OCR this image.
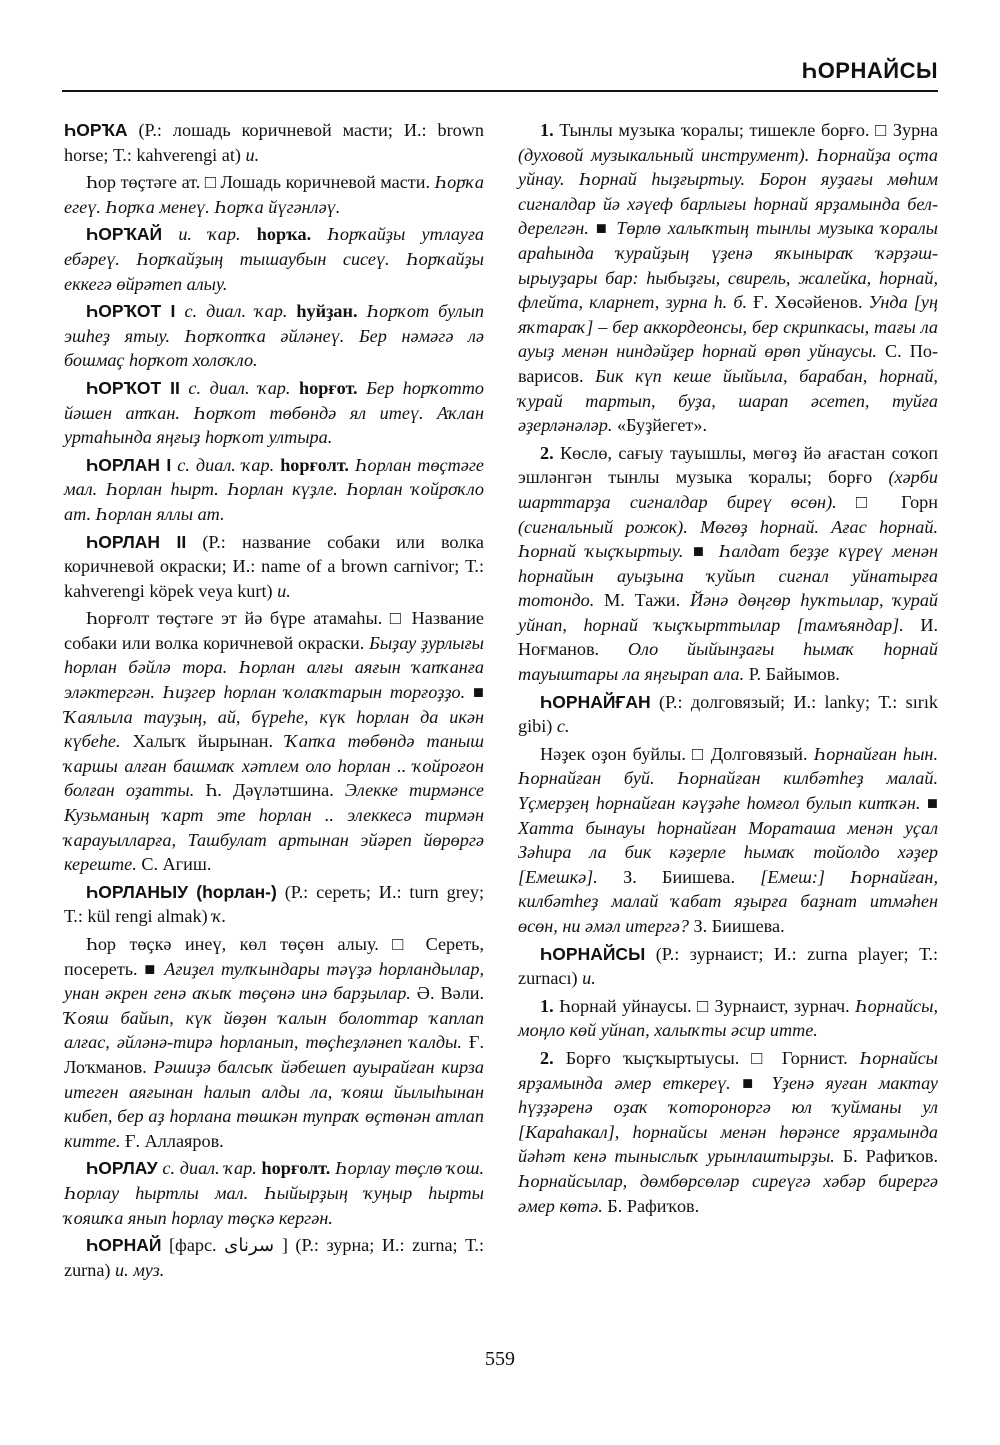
ҺОРНАЙСЫ

ҺОРҠА (Р.: лошадь коричневой масти; И.: brown horse; Т.: kahverengi at) и.

Һор төҫтәге ат. □ Лошадь коричневой масти. Һорҡа егеү. Һорҡа менеү. Һорҡа йүгәнләү.

ҺОРҠАЙ и. ҡар. һорҡа. Һорҡайҙы утлауға ебәреү. Һорҡайҙың тышаубын сисеү. Һорҡайҙы еккегә өйрәтеп алыу.

ҺОРҠОТ I с. диал. ҡар. һуйҙан. Һорҡот булып эшһеҙ ятыу. Һорҡотҡа әйләнеү. Бер нәмәгә лә бошмаҫ һорҡот холоҡло.

ҺОРҠОТ II с. диал. ҡар. һорғот. Бер һорҡотто йәшен атҡан. Һорҡот төбөндә ял итеү. Аҡлан уртаһында яңғыҙ һорҡот ултыра.

ҺОРЛАН I с. диал. ҡар. һорғолт. Һорлан төҫтәге мал. Һорлан һырт. Һорлан күҙле. Һорлан ҡойроҡло ат. Һорлан яллы ат.

ҺОРЛАН II (Р.: название собаки или волка коричневой окраски; И.: name of a brown carnivor; Т.: kahverengi köpek veya kurt) и.

Һорғолт төҫтәге эт йә бүре атамаһы. □ Название собаки или волка коричневой окраски. Быҙау ҙурлығы һорлан бәйлә тора. Һорлан алғы аяғын ҡапҡанға эләктергән. Һиҙгер һорлан ҡолаҡтарын торғоҙҙо. ■ Ҡаялыла тауҙың, ай, бүреһе, күк һорлан да икән күбеһе. Халыҡ йырынан. Ҡапҡа төбөндә таныш ҡаршы алған башмаҡ хәтлем оло һорлан .. ҡойроғон болған оҙатты. Һ. Дәүләтшина. Элекке тирмәнсе Кузьманың ҡарт эте һорлан .. элеккесә тирмән ҡарауылларға, Ташбулат артынан эйәреп йөрөргә кереште. С. Агиш.

ҺОРЛАНЫУ (һорлан-) (Р.: сереть; И.: turn grey; Т.: kül rengi almak) ҡ.

Һор төҫкә инеү, көл төҫөн алыу. □ Сереть, посереть. ■ Ағиҙел тулҡындары тәүҙә һорландылар, унан әкрен генә аҡыҡ төҫөнә инә барҙылар. Ә. Вәли. Ҡояш байып, күк йөҙөн ҡалын болоттар ҡаплап алғас, әйләнә-тирә һорланып, төҫһеҙләнеп ҡалды. Ғ. Лоҡманов. Рәшиҙә балсыҡ йәбешеп ауырайған кирза итеген аяғынан һалып алды ла, ҡояш йылыһынан кибеп, бер аҙ һорлана төшкән тупраҡ өҫтөнән атлап китте. Ғ. Аллаяров.

ҺОРЛАУ с. диал. ҡар. һорғолт. Һорлау төҫлө ҡош. Һорлау һыртлы мал. Һыйырҙың ҡуңыр һырты ҡояшҡа янып һорлау төҫкә кергән.

ҺОРНАЙ [фарс. سرناى ] (Р.: зурна; И.: zurna; Т.: zurna) и. муз.

1. Тынлы музыка ҡоралы; тишекле борғо. □ Зурна (духовой музыкальный инструмент). Һорнайҙа оҫта уйнау. Һорнай һыҙғыртыу. Борон яуҙағы мөһим сигналдар йә хәүеф барлығы һорнай ярҙамында белдерелгән. ■ Төрлө халыҡтың тынлы музыка ҡоралы араһында ҡурайҙың үҙенә яҡыныраҡ ҡәрҙәш-ырыуҙары бар: һыбыҙғы, свирель, жалейка, һорнай, флейта, кларнет, зурна һ. б. Ғ. Хөсәйенов. Унда [уң яҡтараҡ] – бер аккордеонсы, бер скрипкасы, тағы ла ауыҙ менән ниндәйҙер һорнай өрөп уйнаусы. С. Поварисов. Бик күп кеше йыйыла, барабан, һорнай, ҡурай тартып, буҙа, шарап әсетеп, туйға әҙерләнәләр. «Буҙйегет».

2. Көслө, сағыу тауышлы, мөгөҙ йә ағастан соҡоп эшләнгән тынлы музыка ҡоралы; борғо (хәрби шарттарҙа сигналдар биреү өсөн). □ Горн (сигнальный рожок). Мөгөҙ һорнай. Ағас һорнай. Һорнай ҡыҫҡыртыу. ■ Һалдат беҙҙе күреү менән һорнайын ауыҙына ҡуйып сигнал уйнатырға тотондо. М. Тажи. Йәнә дөңгөр һуҡтылар, ҡурай уйнап, һорнай ҡыҫҡырттылар [тамъяндар]. И. Ноғманов. Оло йыйынҙағы һымаҡ һорнай тауыштары ла яңғырап ала. Р. Байымов.

ҺОРНАЙҒАН (Р.: долговязый; И.: lanky; Т.: sırık gibi) с.

Нәҙек оҙон буйлы. □ Долговязый. Һорнайған һын. Һорнайған буй. Һорнайған килбәтһеҙ малай. Үҫмерҙең һорнайған кәүҙәһе һомғол булып китҡән. ■ Хатта бынауы һорнайған Мораташа менән уҫал Зәһира ла бик кәҙерле һымаҡ тойолдо хәҙер [Емешкә]. З. Биишева. [Емеш:] Һорнайған, килбәтһеҙ малай ҡабат яҙырға баҙнат итмәһен өсөн, ни әмәл итергә? З. Биишева.

ҺОРНАЙСЫ (Р.: зурнаист; И.: zurna player; Т.: zurnacı) и.

1. Һорнай уйнаусы. □ Зурнаист, зурнач. Һорнайсы, моңло көй уйнап, халыҡты әсир итте.

2. Борғо ҡыҫҡыртыусы. □ Горнист. Һорнайсы ярҙамында әмер еткереү. ■ Үҙенә яуған мактау һүҙҙәренә оҙаҡ ҡотороноргә юл ҡуйманы ул [Караһакал], һорнайсы менән һөрәнсе ярҙамында йәһәт кенә тыныслыҡ урынлаштырҙы. Б. Рафиҡов. Һорнайсылар, дөмбөрсөләр сиреүгә хәбәр бирергә әмер көтә. Б. Рафиҡов.

559
